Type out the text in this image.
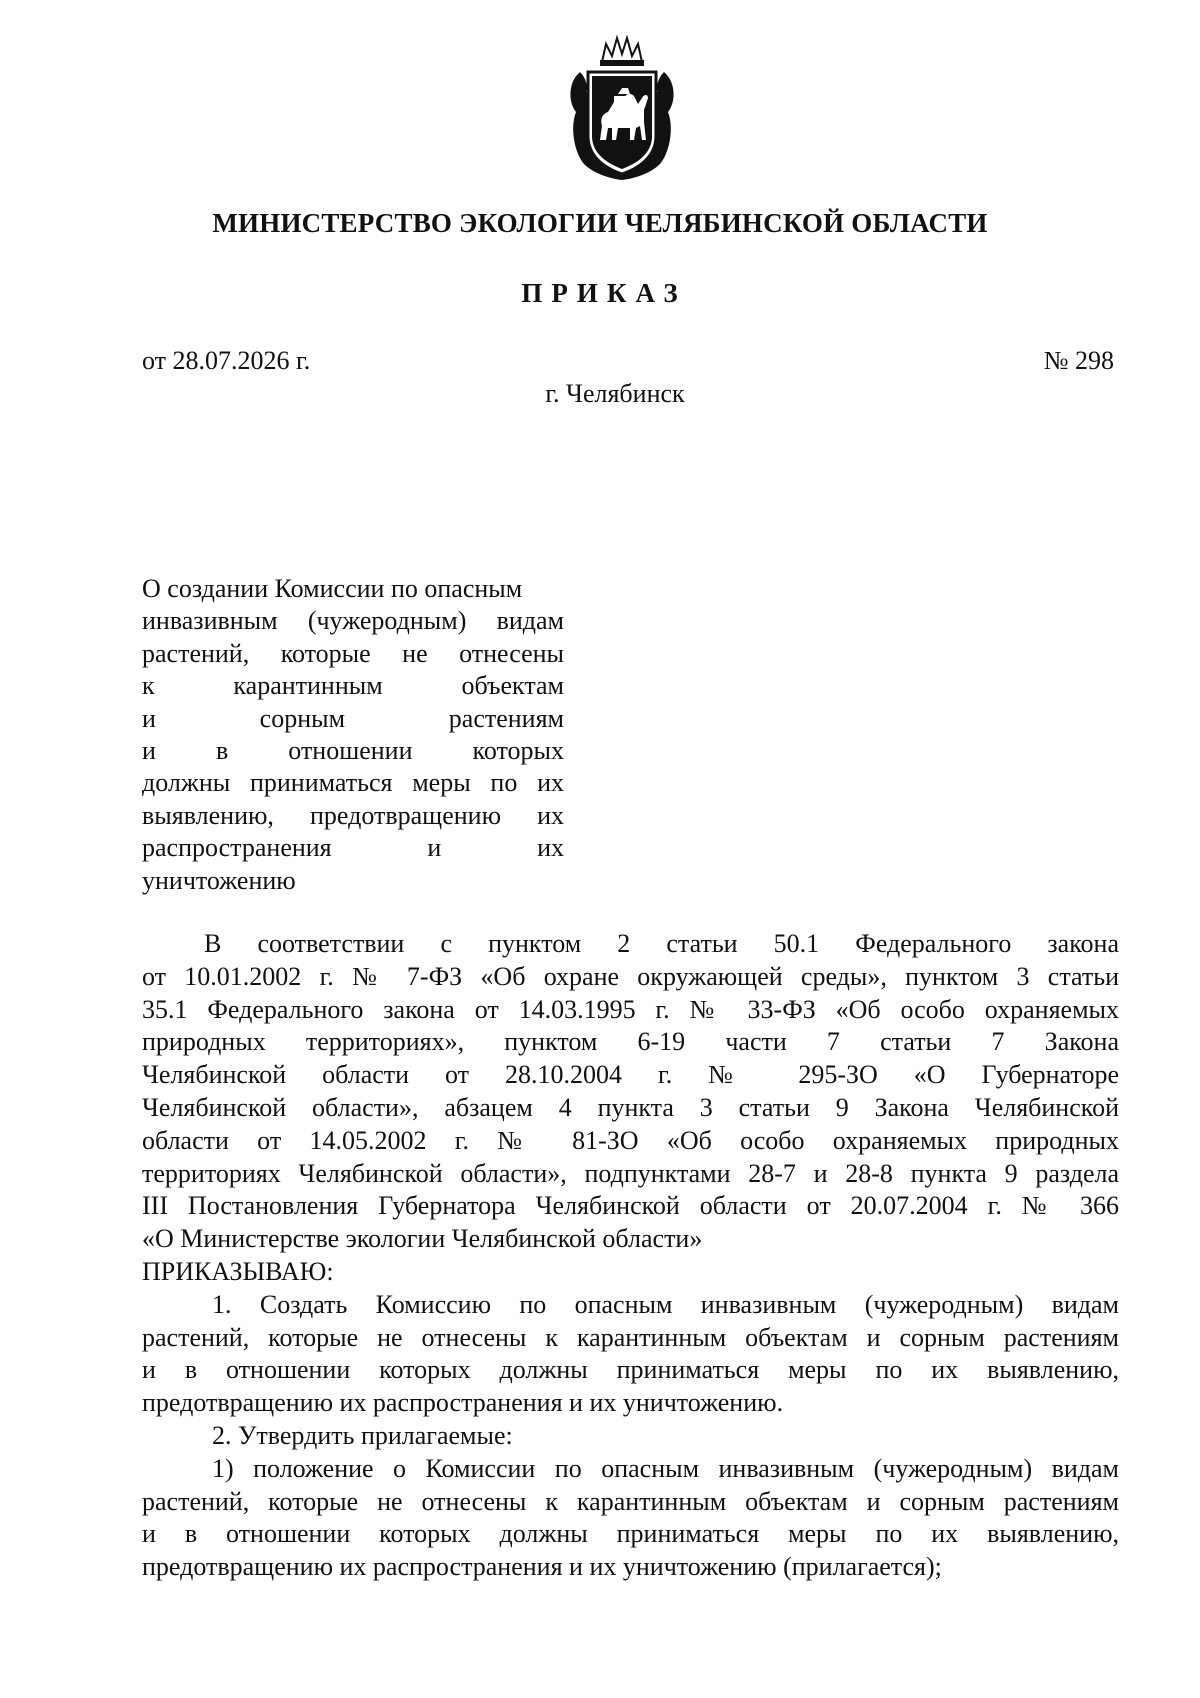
МИНИСТЕРСТВО ЭКОЛОГИИ ЧЕЛЯБИНСКОЙ ОБЛАСТИ
ПРИКАЗ
от 28.07.2026 г.	№ 298
г. Челябинск
О создании Комиссии по опасным
инвазивным (чужеродным) видам
растений, которые не отнесены
к карантинным объектам
и сорным растениям
и в отношении которых
должны приниматься меры по их
выявлению, предотвращению их
распространения и их
уничтожению
В соответствии с пунктом 2 статьи 50.1 Федерального закона
от 10.01.2002 г. № 7-ФЗ «Об охране окружающей среды», пунктом 3 статьи
35.1 Федерального закона от 14.03.1995 г. № 33-ФЗ «Об особо охраняемых
природных территориях», пунктом 6-19 части 7 статьи 7 Закона
Челябинской области от 28.10.2004 г. № 295-ЗО «О Губернаторе
Челябинской области», абзацем 4 пункта 3 статьи 9 Закона Челябинской
области от 14.05.2002 г. № 81-ЗО «Об особо охраняемых природных
территориях Челябинской области», подпунктами 28-7 и 28-8 пункта 9 раздела
III Постановления Губернатора Челябинской области от 20.07.2004 г. № 366
«О Министерстве экологии Челябинской области»
ПРИКАЗЫВАЮ:
1. Создать Комиссию по опасным инвазивным (чужеродным) видам
растений, которые не отнесены к карантинным объектам и сорным растениям
и в отношении которых должны приниматься меры по их выявлению,
предотвращению их распространения и их уничтожению.
2. Утвердить прилагаемые:
1) положение о Комиссии по опасным инвазивным (чужеродным) видам
растений, которые не отнесены к карантинным объектам и сорным растениям
и в отношении которых должны приниматься меры по их выявлению,
предотвращению их распространения и их уничтожению (прилагается);
